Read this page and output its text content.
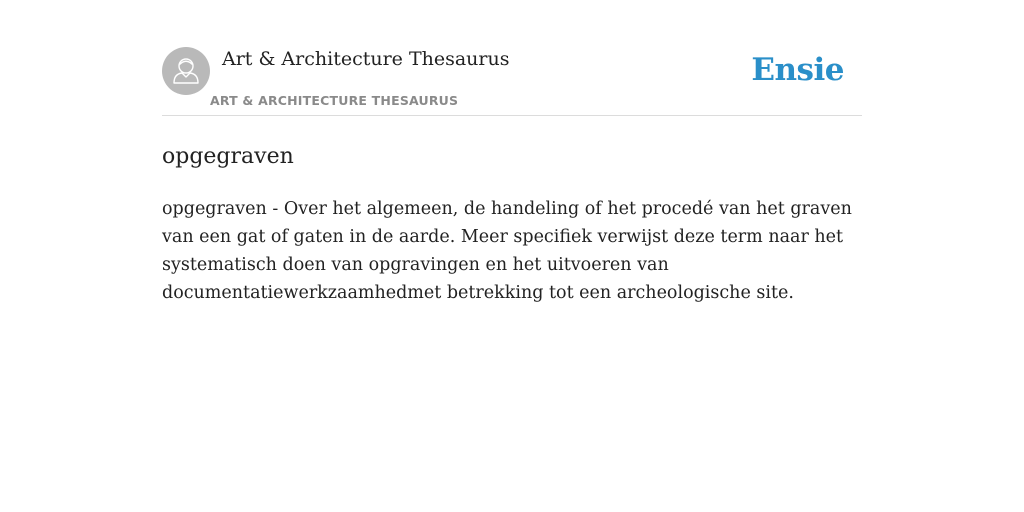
Art & Architecture Thesaurus
ART & ARCHITECTURE THESAURUS
Ensie
opgegraven

opgegraven - Over het algemeen, de handeling of het procedé van het graven van een gat of gaten in de aarde. Meer specifiek verwijst deze term naar het systematisch doen van opgravingen en het uitvoeren van documentatiewerkzaamhedmet betrekking tot een archeologische site.
